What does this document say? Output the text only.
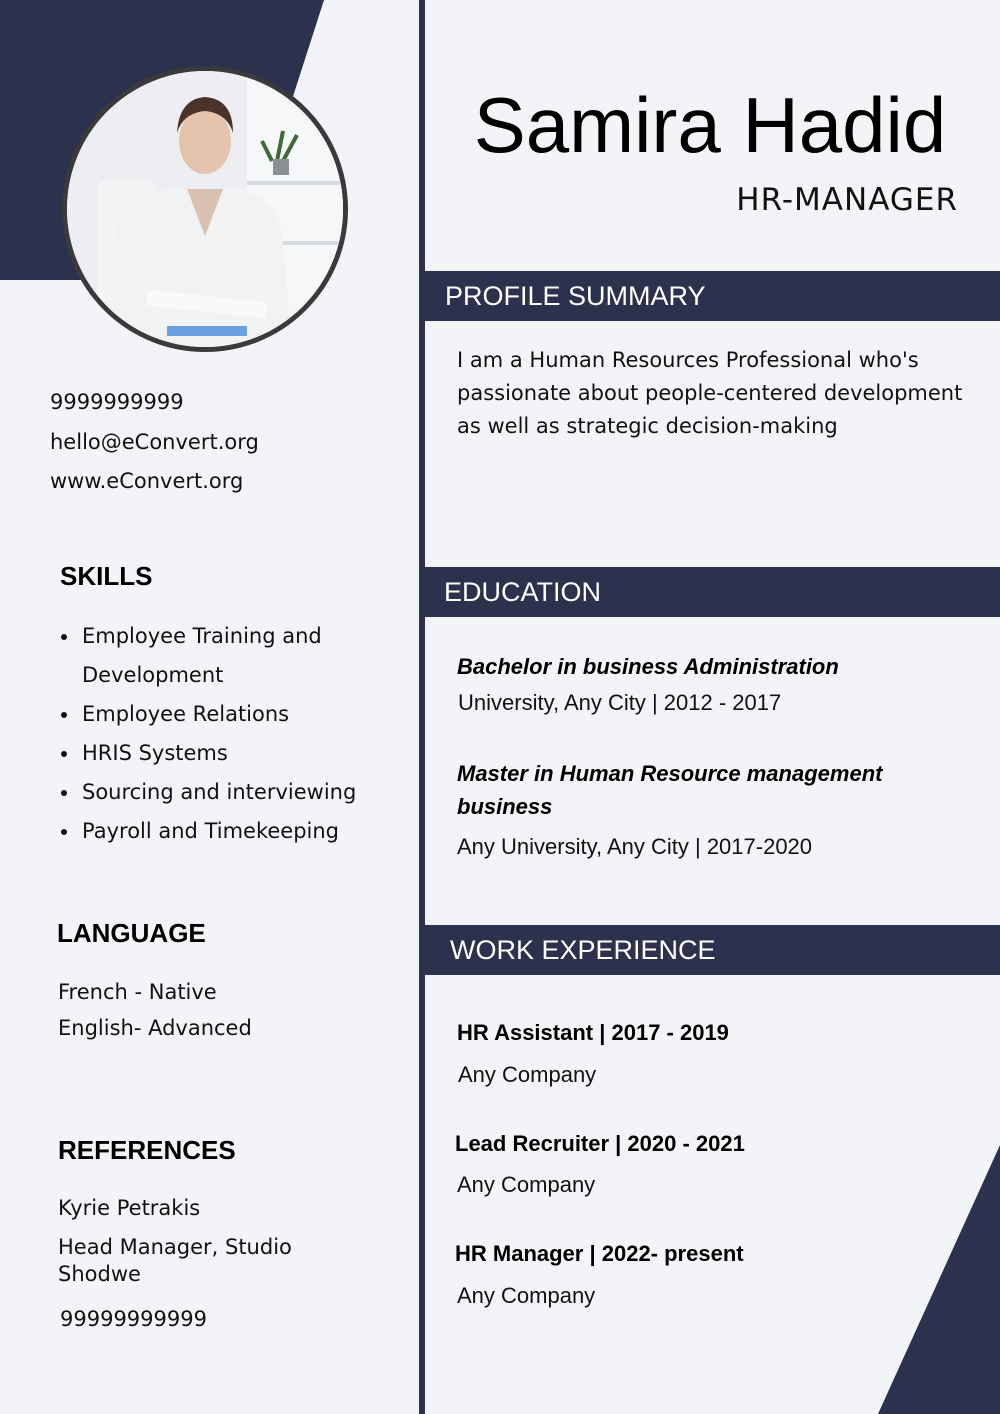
Samira Hadid
HR-MANAGER
9999999999
hello@eConvert.org
www.eConvert.org
SKILLS
• Employee Training and Development
• Employee Relations
• HRIS Systems
• Sourcing and interviewing
• Payroll and Timekeeping
LANGUAGE
French - Native
English- Advanced
REFERENCES
Kyrie Petrakis
Head Manager, Studio Shodwe
99999999999
PROFILE SUMMARY
I am a Human Resources Professional who's passionate about people-centered development as well as strategic decision-making
EDUCATION
Bachelor in business Administration
University, Any City | 2012 - 2017
Master in Human Resource management business
Any University, Any City | 2017-2020
WORK EXPERIENCE
HR Assistant | 2017 - 2019
Any Company
Lead Recruiter | 2020 - 2021
Any Company
HR Manager | 2022- present
Any Company
